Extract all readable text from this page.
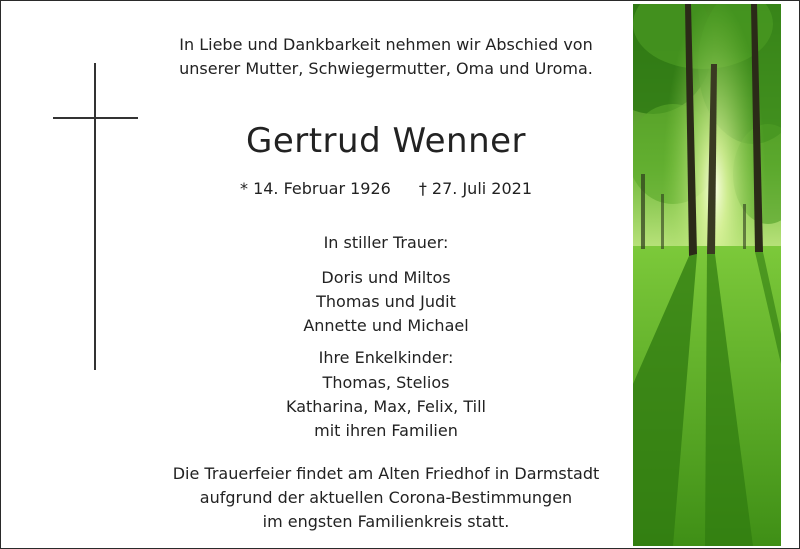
In Liebe und Dankbarkeit nehmen wir Abschied von
unserer Mutter, Schwiegermutter, Oma und Uroma.
Gertrud Wenner
* 14. Februar 1926 † 27. Juli 2021
In stiller Trauer:
Doris und Miltos
Thomas und Judit
Annette und Michael
Ihre Enkelkinder:
Thomas, Stelios
Katharina, Max, Felix, Till
mit ihren Familien
Die Trauerfeier findet am Alten Friedhof in Darmstadt
aufgrund der aktuellen Corona-Bestimmungen
im engsten Familienkreis statt.
